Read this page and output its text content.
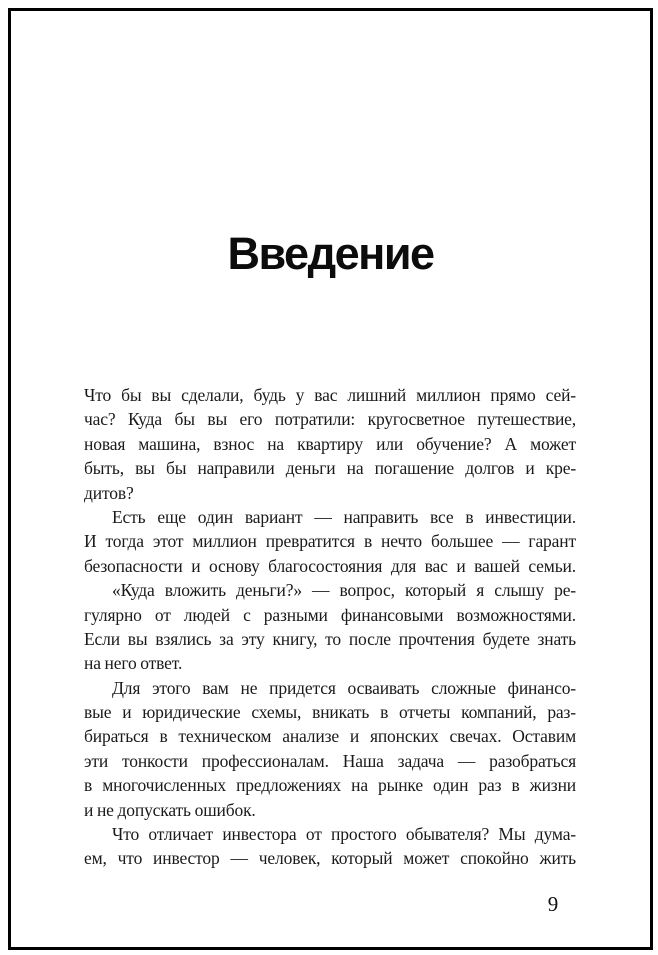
Введение
Что бы вы сделали, будь у вас лишний миллион прямо сей-
час? Куда бы вы его потратили: кругосветное путешествие,
новая машина, взнос на квартиру или обучение? А может
быть, вы бы направили деньги на погашение долгов и кре-
дитов?
Есть еще один вариант — направить все в инвестиции.
И тогда этот миллион превратится в нечто большее — гарант
безопасности и основу благосостояния для вас и вашей семьи.
«Куда вложить деньги?» — вопрос, который я слышу ре-
гулярно от людей с разными финансовыми возможностями.
Если вы взялись за эту книгу, то после прочтения будете знать
на него ответ.
Для этого вам не придется осваивать сложные финансо-
вые и юридические схемы, вникать в отчеты компаний, раз-
бираться в техническом анализе и японских свечах. Оставим
эти тонкости профессионалам. Наша задача — разобраться
в многочисленных предложениях на рынке один раз в жизни
и не допускать ошибок.
Что отличает инвестора от простого обывателя? Мы дума-
ем, что инвестор — человек, который может спокойно жить
9
